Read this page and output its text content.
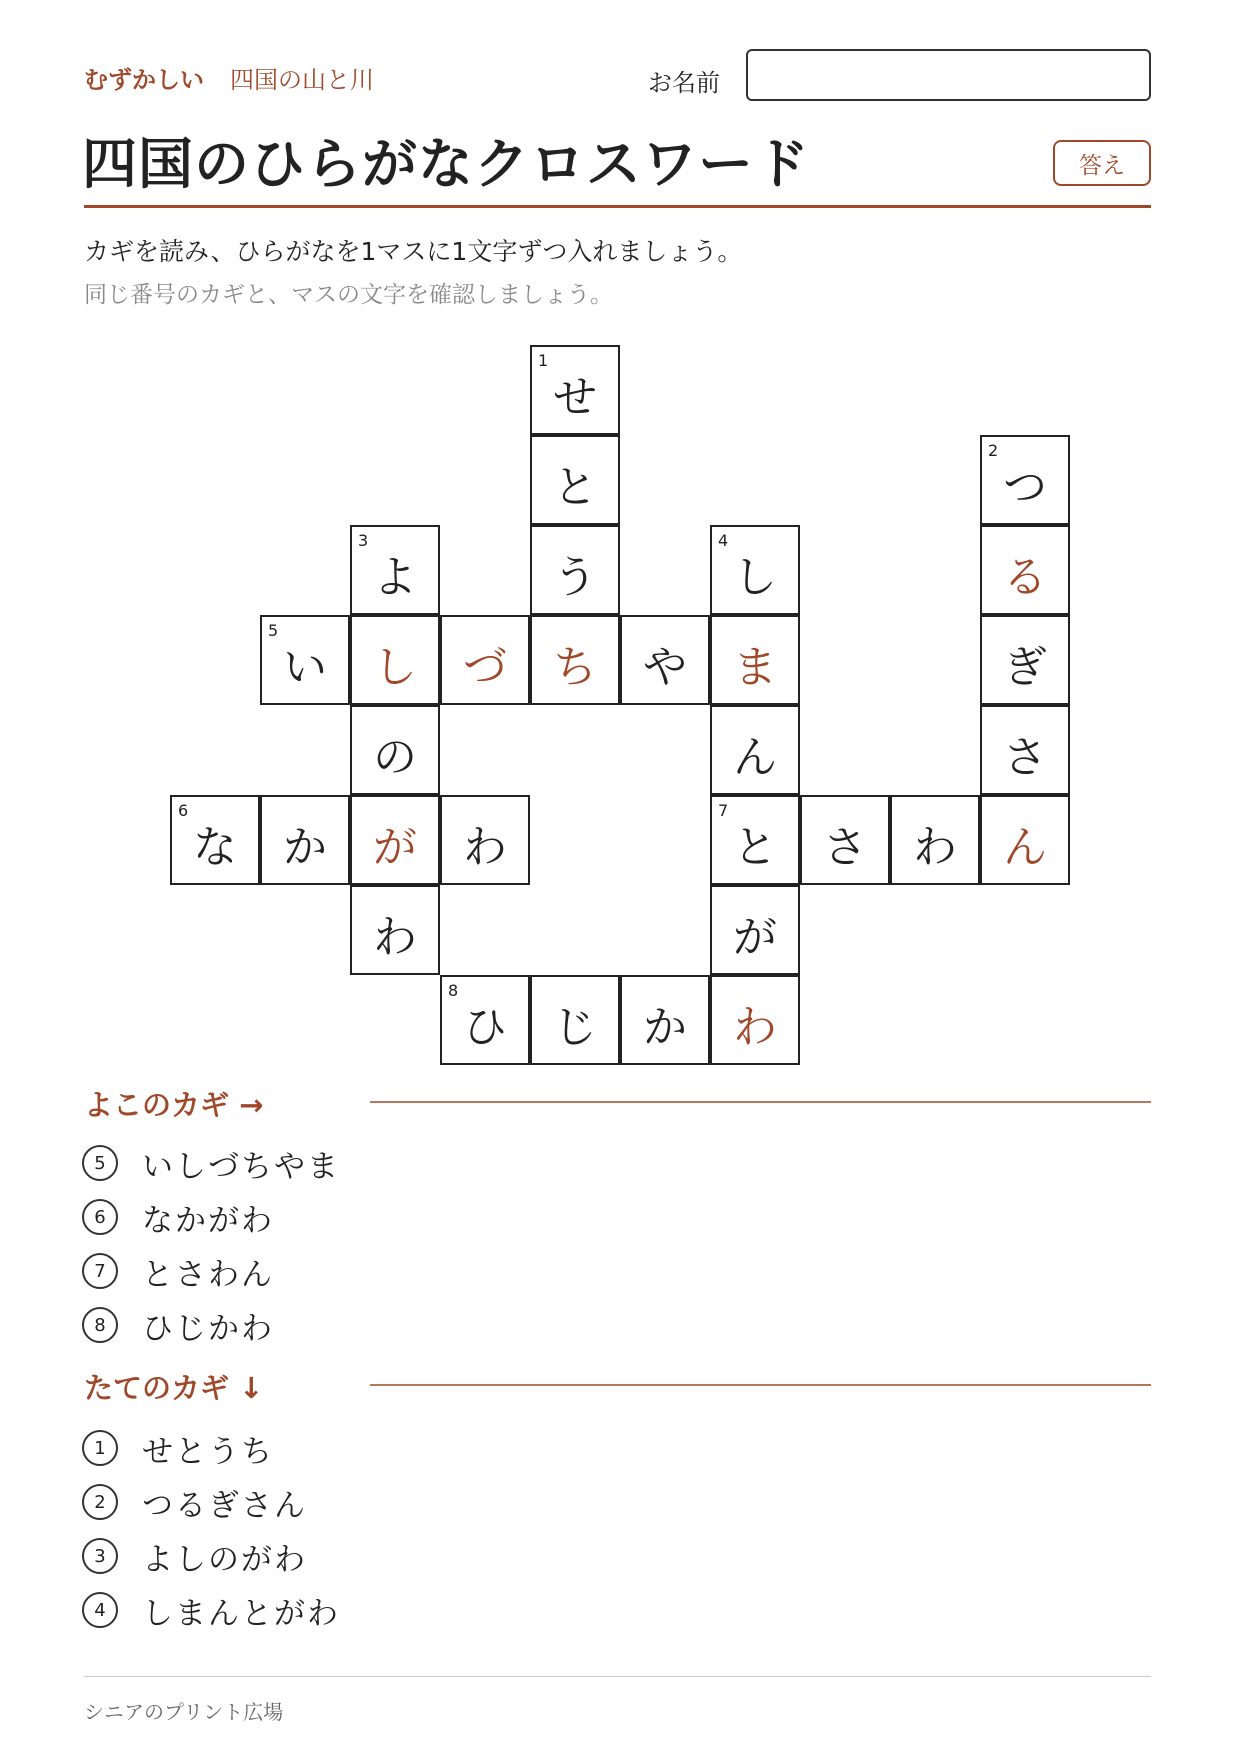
むずかしい 四国の山と川	お名前
四国のひらがなクロスワード	答え
カギを読み、ひらがなを1マスに1文字ずつ入れましょう。
同じ番号のカギと、マスの文字を確認しましょう。
1
せ
と
2
つ
3
よ	う
4
し	る
5
い	し	づ	ち	や	ま	ぎ
の	ん	さ
6
な	か	が	わ
7
と	さ	わ	ん
わ	が
8
ひ	じ	か	わ
よこのカギ →
5	いしづちやま
6	なかがわ
7	とさわん
8	ひじかわ
たてのカギ ↓
1	せとうち
2	つるぎさん
3	よしのがわ
4	しまんとがわ
シニアのプリント広場
